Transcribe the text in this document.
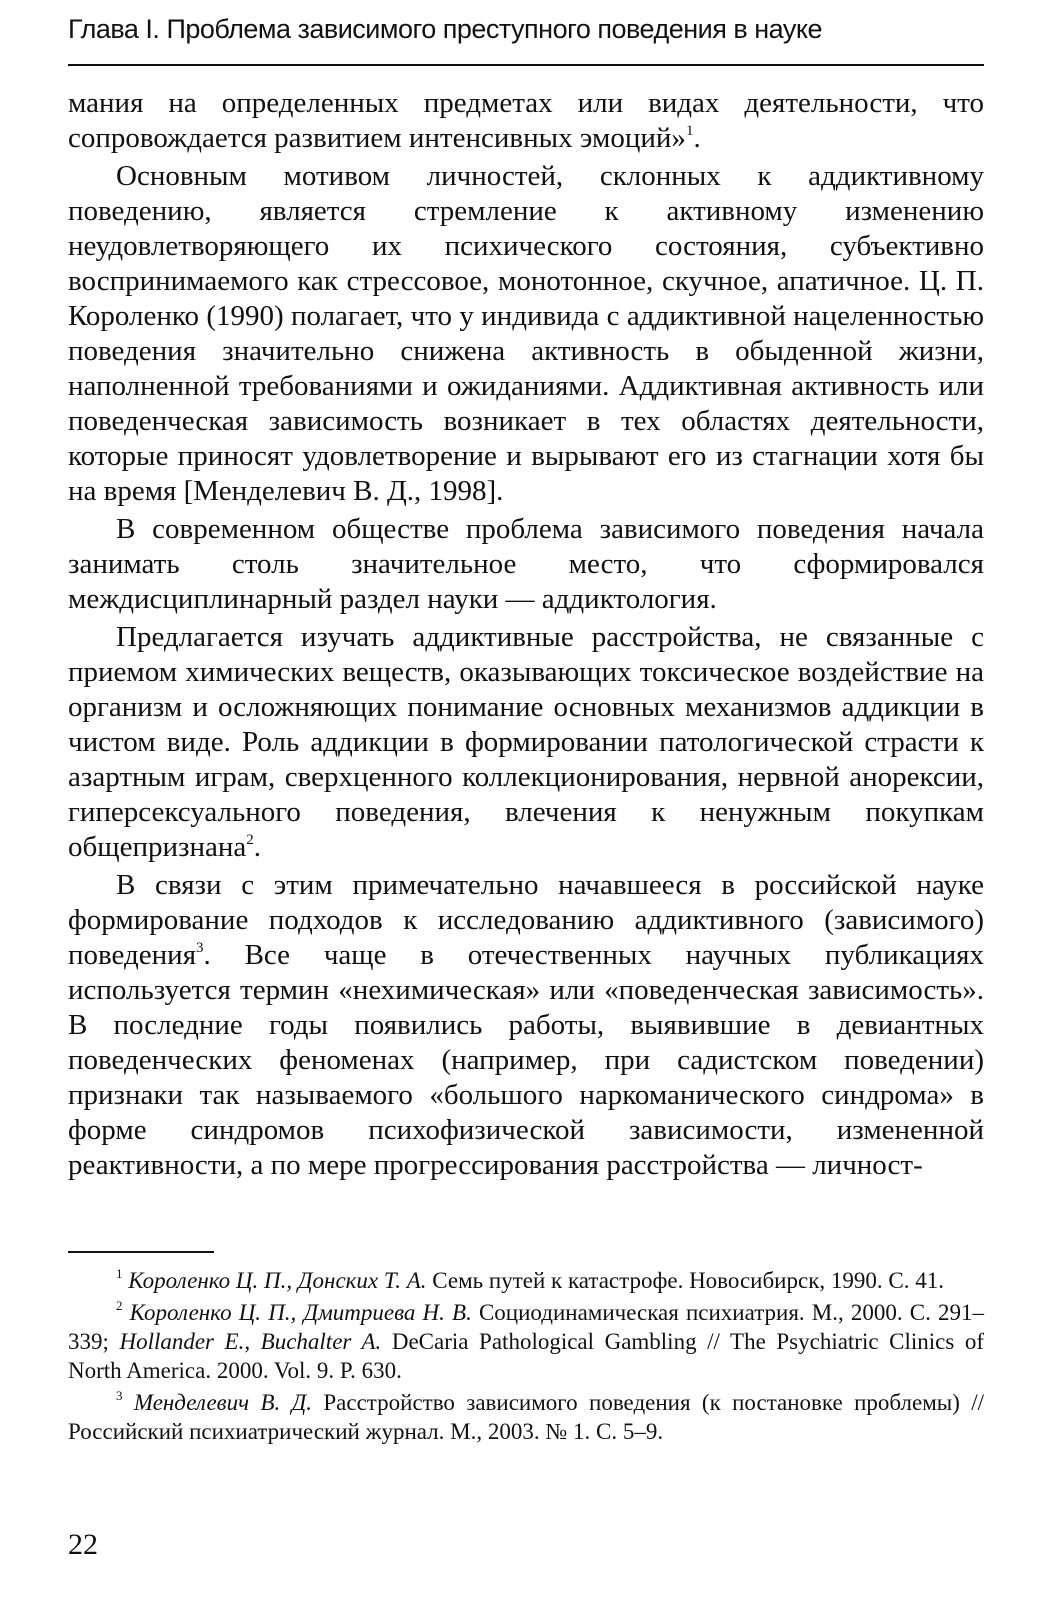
Глава I. Проблема зависимого преступного поведения в науке

мания на определенных предметах или видах деятельности, что сопровождается развитием интенсивных эмоций»$^1$.

Основным мотивом личностей, склонных к аддиктивному поведению, является стремление к активному изменению неудовлетворяющего их психического состояния, субъективно воспринимаемого как стрессовое, монотонное, скучное, апатичное. Ц. П. Короленко (1990) полагает, что у индивида с аддиктивной нацеленностью поведения значительно снижена активность в обыденной жизни, наполненной требованиями и ожиданиями. Аддиктивная активность или поведенческая зависимость возникает в тех областях деятельности, которые приносят удовлетворение и вырывают его из стагнации хотя бы на время [Менделевич В. Д., 1998].

В современном обществе проблема зависимого поведения начала занимать столь значительное место, что сформировался междисциплинарный раздел науки — аддиктология.

Предлагается изучать аддиктивные расстройства, не связанные с приемом химических веществ, оказывающих токсическое воздействие на организм и осложняющих понимание основных механизмов аддикции в чистом виде. Роль аддикции в формировании патологической страсти к азартным играм, сверхценного коллекционирования, нервной анорексии, гиперсексуального поведения, влечения к ненужным покупкам общепризнана$^2$.

В связи с этим примечательно начавшееся в российской науке формирование подходов к исследованию аддиктивного (зависимого) поведения$^3$. Все чаще в отечественных научных публикациях используется термин «нехимическая» или «поведенческая зависимость». В последние годы появились работы, выявившие в девиантных поведенческих феноменах (например, при садистском поведении) признаки так называемого «большого наркоманического синдрома» в форме синдромов психофизической зависимости, измененной реактивности, а по мере прогрессирования расстройства — личност-

$^1$ Короленко Ц. П., Донских Т. А. Семь путей к катастрофе. Новосибирск, 1990. С. 41.

$^2$ Короленко Ц. П., Дмитриева Н. В. Социодинамическая психиатрия. М., 2000. С. 291–339; Hollander E., Buchalter A. DeCaria Pathological Gambling // The Psychiatric Clinics of North America. 2000. Vol. 9. P. 630.

$^3$ Менделевич В. Д. Расстройство зависимого поведения (к постановке проблемы) // Российский психиатрический журнал. М., 2003. № 1. С. 5–9.

22
